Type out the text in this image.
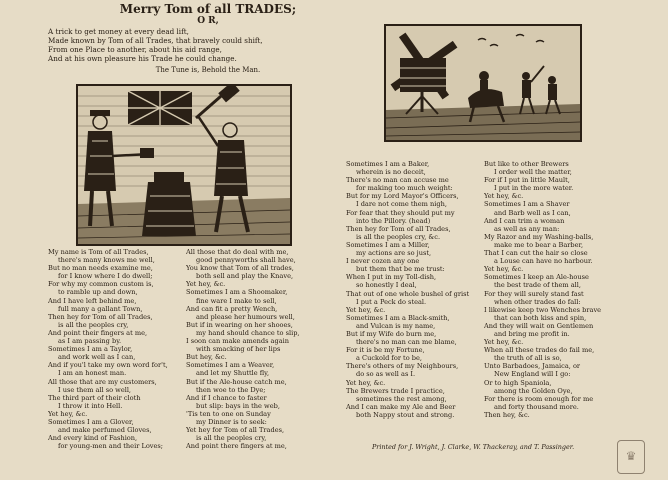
Merry Tom of all TRADES;
O R,
A trick to get money at every dead lift,
Made known by Tom of all Trades, that bravely could shift,
From one Place to another, about his aid range,
And at his own pleasure his Trade he could change.
The Tune is, Behold the Man.
My name is Tom of all Trades,
there's many knows me well,
But no man needs examine me,
for I know where I do dwell;
For why my common custom is,
to ramble up and down,
And I have left behind me,
full many a gallant Town,
Then hey for Tom of all Trades,
is all the peoples cry,
And point their fingers at me,
as I am passing by.
Sometimes I am a Taylor,
and work well as I can,
And if you'l take my own word for't,
I am an honest man.
All those that are my customers,
I use them all so well,
The third part of their cloth
I throw it into Hell.
Yet hey, &c.
Sometimes I am a Glover,
and make perfumed Gloves,
And every kind of Fashion,
for young-men and their Loves;
All those that do deal with me,
good pennyworths shall have,
You know that Tom of all trades,
both sell and play the Knave,
Yet hey, &c.
Sometimes I am a Shoomaker,
fine ware I make to sell,
And can fit a pretty Wench,
and please her humours well,
But if in wearing on her shooes,
my hand should chance to slip,
I soon can make amends again
with smacking of her lips
But hey, &c.
Sometimes I am a Weaver,
and let my Shuttle fly,
But if the Ale-house catch me,
then woe to the Dye;
And if I chance to faster
but slip: bays in the web,
'Tis ten to one on Sunday
my Dinner is to seek:
Yet hey for Tom of all Trades,
is all the peoples cry,
And point there fingers at me,
Sometimes I am a Baker,
wherein is no deceit,
There's no man can accuse me
for making too much weight:
But for my Lord Mayor's Officers,
I dare not come them nigh,
For fear that they should put my
into the Pillory. (head)
Then hey for Tom of all Trades,
is all the peoples cry, &c.
Sometimes I am a Miller,
my actions are so just,
I never cozen any one
but them that be me trust:
When I put in my Toll-dish,
so honestly I deal,
That out of one whole bushel of grist
I put a Peck do steal.
Yet hey, &c.
Sometimes I am a Black-smith,
and Vulcan is my name,
But if my Wife do burn me,
there's no man can me blame,
For it is be my Fortune,
a Cuckold for to be,
There's others of my Neighbours,
do so as well as I.
Yet hey, &c.
The Brewers trade I practice,
sometimes the rest among,
And I can make my Ale and Beer
both Nappy stout and strong.
But like to other Brewers
I order well the matter,
For if I put in little Mault,
I put in the more water.
Yet hey, &c.
Sometimes I am a Shaver
and Barb well as I can,
And I can trim a woman
as well as any man:
My Razor and my Washing-balls,
make me to bear a Barber,
That I can cut the hair so close
a Louse can have no harbour.
Yet hey, &c.
Sometimes I keep an Ale-house
the best trade of them all,
For they will surely stand fast
when other trades do fall:
I likewise keep two Wenches brave
that can both kiss and spin,
And they will wait on Gentlemen
and bring me profit in.
Yet hey, &c.
When all these trades do fail me,
the truth of all is so,
Unto Barbadoes, Jamaica, or
New England will I go:
Or to high Spaniola,
among the Golden Oye,
For there is room enough for me
and forty thousand more.
Then hey, &c.
Printed for J. Wright, J. Clarke, W. Thackeray, and T. Passinger.
♛
